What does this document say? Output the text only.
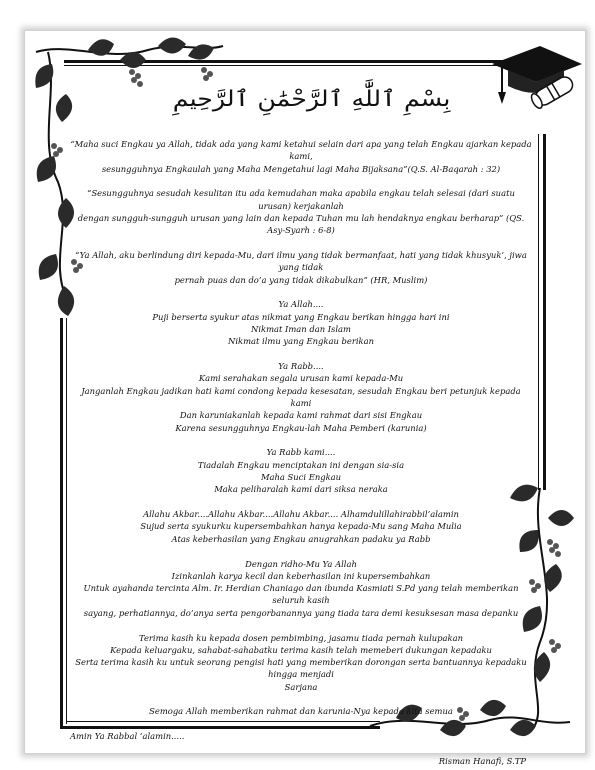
بِسْمِ ٱللَّٰهِ ٱلرَّحْمَٰنِ ٱلرَّحِيمِ

“Maha suci Engkau ya Allah, tidak ada yang kami ketahui selain dari apa yang telah Engkau ajarkan kepada kami,

sesungguhnya Engkaulah yang Maha Mengetahui lagi Maha Bijaksana”(Q.S. Al-Baqarah : 32)

“Sesungguhnya sesudah kesulitan itu ada kemudahan maka apabila engkau telah selesai (dari suatu urusan) kerjakanlah

dengan sungguh-sungguh urusan yang lain dan kepada Tuhan mu lah hendaknya engkau berharap” (QS. Asy-Syarh : 6-8)

“Ya Allah, aku berlindung diri kepada-Mu, dari ilmu yang tidak bermanfaat, hati yang tidak khusyuk’, jiwa yang tidak

pernah puas dan do’a yang tidak dikabulkan” (HR, Muslim)

Ya Allah....

Puji berserta syukur atas nikmat yang Engkau berikan hingga hari ini

Nikmat Iman dan Islam

Nikmat ilmu yang Engkau berikan

Ya Rabb....

Kami serahakan segala urusan kami kepada-Mu

Janganlah Engkau jadikan hati kami condong kepada kesesatan, sesudah Engkau beri petunjuk kepada kami

Dan karuniakanlah kepada kami rahmat dari sisi Engkau

Karena sesungguhnya Engkau-lah Maha Pemberi (karunia)

Ya Rabb kami....

Tiadalah Engkau menciptakan ini dengan sia-sia

Maha Suci Engkau

Maka peliharalah kami dari siksa neraka

Allahu Akbar....Allahu Akbar....Allahu Akbar.... Alhamdulillahirabbil’alamin

Sujud serta syukurku kupersembahkan hanya kepada-Mu sang Maha Mulia

Atas keberhasilan yang Engkau anugrahkan padaku ya Rabb

Dengan ridho-Mu Ya Allah

Izinkanlah karya kecil dan keberhasilan ini kupersembahkan

Untuk ayahanda tercinta Alm. Ir. Herdian Chaniago dan ibunda Kasmiati S.Pd yang telah memberikan seluruh kasih

sayang, perhatiannya, do’anya serta pengorbanannya yang tiada tara demi kesuksesan masa depanku

Terima kasih ku kepada dosen pembimbing, jasamu tiada pernah kulupakan

Kepada keluargaku, sahabat-sahabatku terima kasih telah memeberi dukungan kepadaku

Serta terima kasih ku untuk seorang pengisi hati yang memberikan dorongan serta bantuannya kepadaku hingga menjadi

Sarjana

Semoga Allah memberikan rahmat dan karunia-Nya kepada kita semua

Amin Ya Rabbal ‘alamin.....

Risman Hanafi, S.TP
